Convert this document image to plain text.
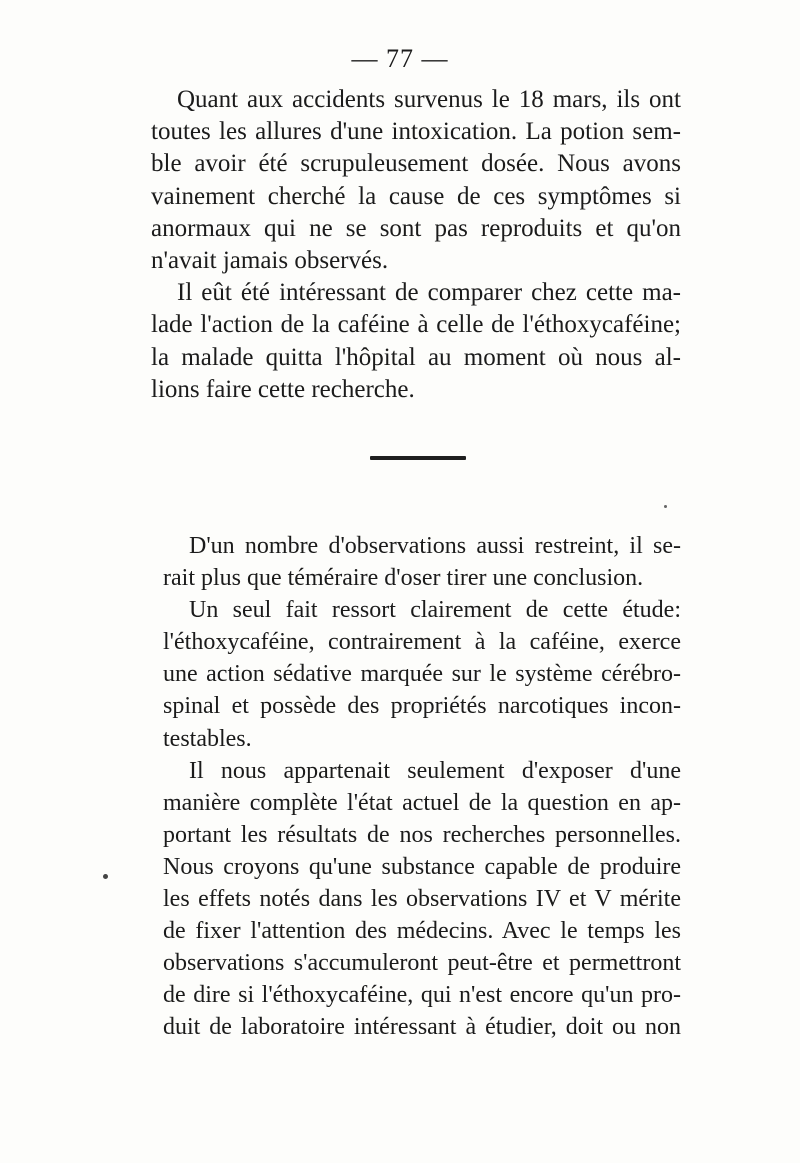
— 77 —
Quant aux accidents survenus le 18 mars, ils ont
toutes les allures d'une intoxication. La potion sem-
ble avoir été scrupuleusement dosée. Nous avons
vainement cherché la cause de ces symptômes si
anormaux qui ne se sont pas reproduits et qu'on
n'avait jamais observés.
Il eût été intéressant de comparer chez cette ma-
lade l'action de la caféine à celle de l'éthoxycaféine;
la malade quitta l'hôpital au moment où nous al-
lions faire cette recherche.
D'un nombre d'observations aussi restreint, il se-
rait plus que téméraire d'oser tirer une conclusion.
Un seul fait ressort clairement de cette étude:
l'éthoxycaféine, contrairement à la caféine, exerce
une action sédative marquée sur le système cérébro-
spinal et possède des propriétés narcotiques incon-
testables.
Il nous appartenait seulement d'exposer d'une
manière complète l'état actuel de la question en ap-
portant les résultats de nos recherches personnelles.
Nous croyons qu'une substance capable de produire
les effets notés dans les observations IV et V mérite
de fixer l'attention des médecins. Avec le temps les
observations s'accumuleront peut-être et permettront
de dire si l'éthoxycaféine, qui n'est encore qu'un pro-
duit de laboratoire intéressant à étudier, doit ou non
